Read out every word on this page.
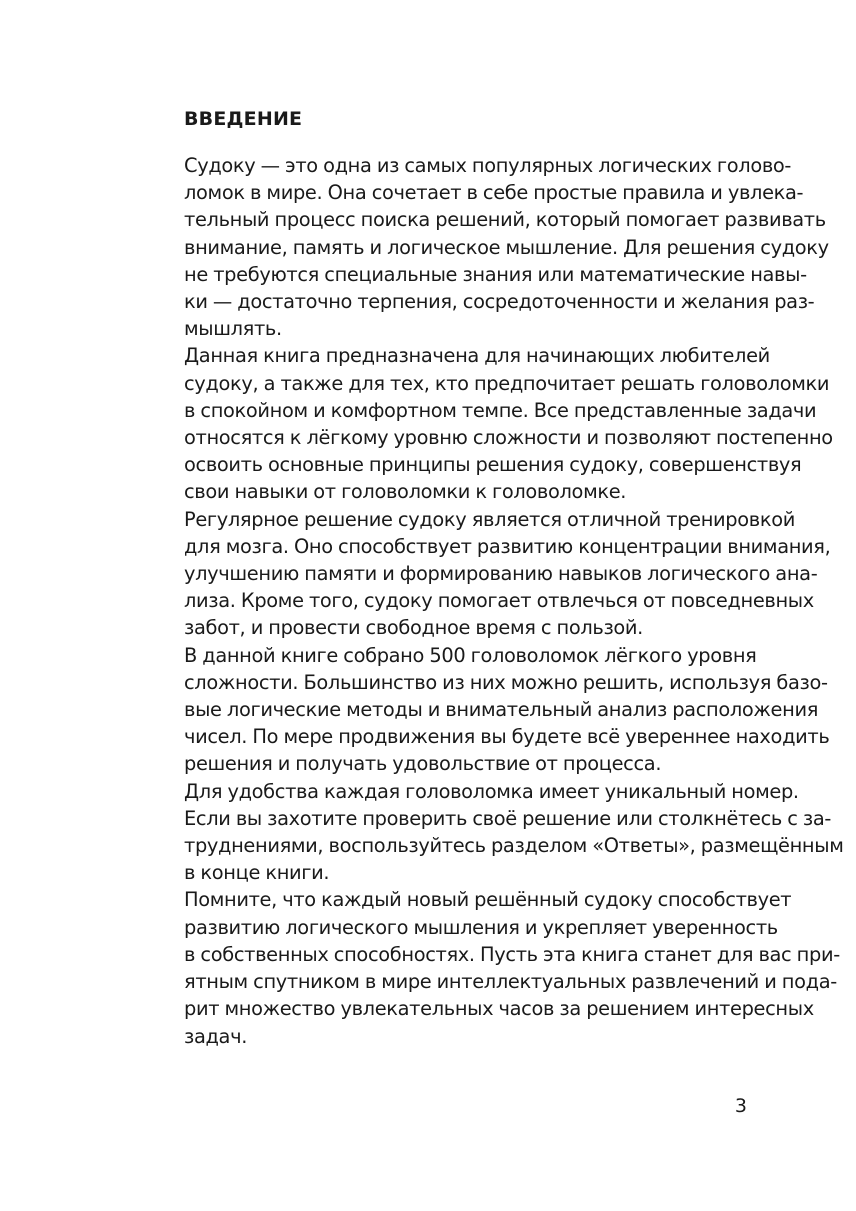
ВВЕДЕНИЕ

Судоку — это одна из самых популярных логических голово-
ломок в мире. Она сочетает в себе простые правила и увлека-
тельный процесс поиска решений, который помогает развивать
внимание, память и логическое мышление. Для решения судоку
не требуются специальные знания или математические навы-
ки — достаточно терпения, сосредоточенности и желания раз-
мышлять.

Данная книга предназначена для начинающих любителей
судоку, а также для тех, кто предпочитает решать головоломки
в спокойном и комфортном темпе. Все представленные задачи
относятся к лёгкому уровню сложности и позволяют постепенно
освоить основные принципы решения судоку, совершенствуя
свои навыки от головоломки к головоломке.

Регулярное решение судоку является отличной тренировкой
для мозга. Оно способствует развитию концентрации внимания,
улучшению памяти и формированию навыков логического ана-
лиза. Кроме того, судоку помогает отвлечься от повседневных
забот, и провести свободное время с пользой.

В данной книге собрано 500 головоломок лёгкого уровня
сложности. Большинство из них можно решить, используя базо-
вые логические методы и внимательный анализ расположения
чисел. По мере продвижения вы будете всё увереннее находить
решения и получать удовольствие от процесса.

Для удобства каждая головоломка имеет уникальный номер.
Если вы захотите проверить своё решение или столкнётесь с за-
труднениями, воспользуйтесь разделом «Ответы», размещённым
в конце книги.

Помните, что каждый новый решённый судоку способствует
развитию логического мышления и укрепляет уверенность
в собственных способностях. Пусть эта книга станет для вас при-
ятным спутником в мире интеллектуальных развлечений и пода-
рит множество увлекательных часов за решением интересных
задач.

3
